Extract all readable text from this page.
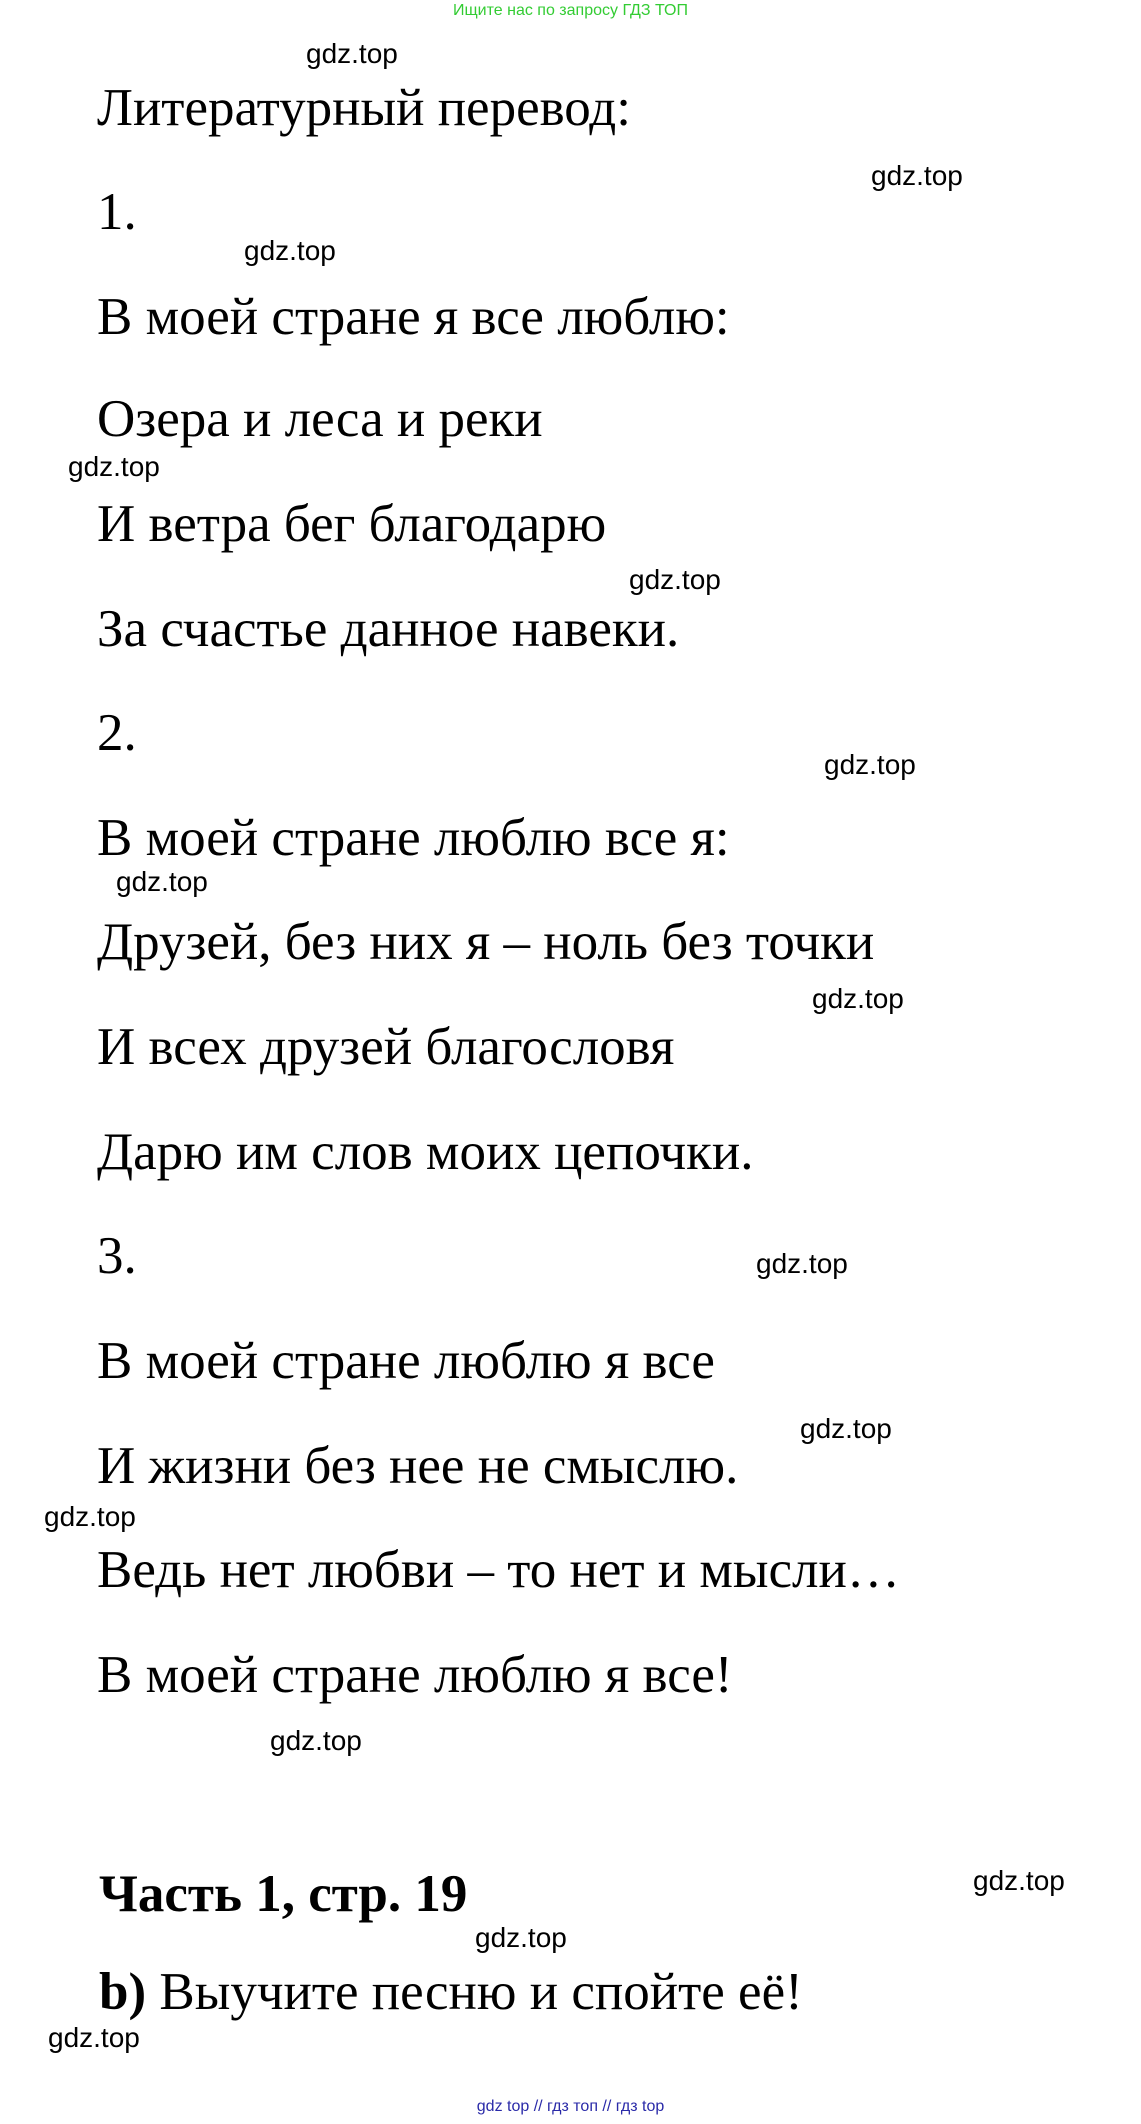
Ищите нас по запросу ГДЗ ТОП
Литературный перевод:
1.
В моей стране я все люблю:
Озера и леса и реки
И ветра бег благодарю
За счастье данное навеки.
2.
В моей стране люблю все я:
Друзей, без них я – ноль без точки
И всех друзей благословя
Дарю им слов моих цепочки.
3.
В моей стране люблю я все
И жизни без нее не смыслю.
Ведь нет любви – то нет и мысли…
В моей стране люблю я все!
Часть 1, стр. 19
b) Выучите песню и спойте её!
gdz.top
gdz.top
gdz.top
gdz.top
gdz.top
gdz.top
gdz.top
gdz.top
gdz.top
gdz.top
gdz.top
gdz.top
gdz.top
gdz.top
gdz.top
gdz top // гдз топ // гдз top
